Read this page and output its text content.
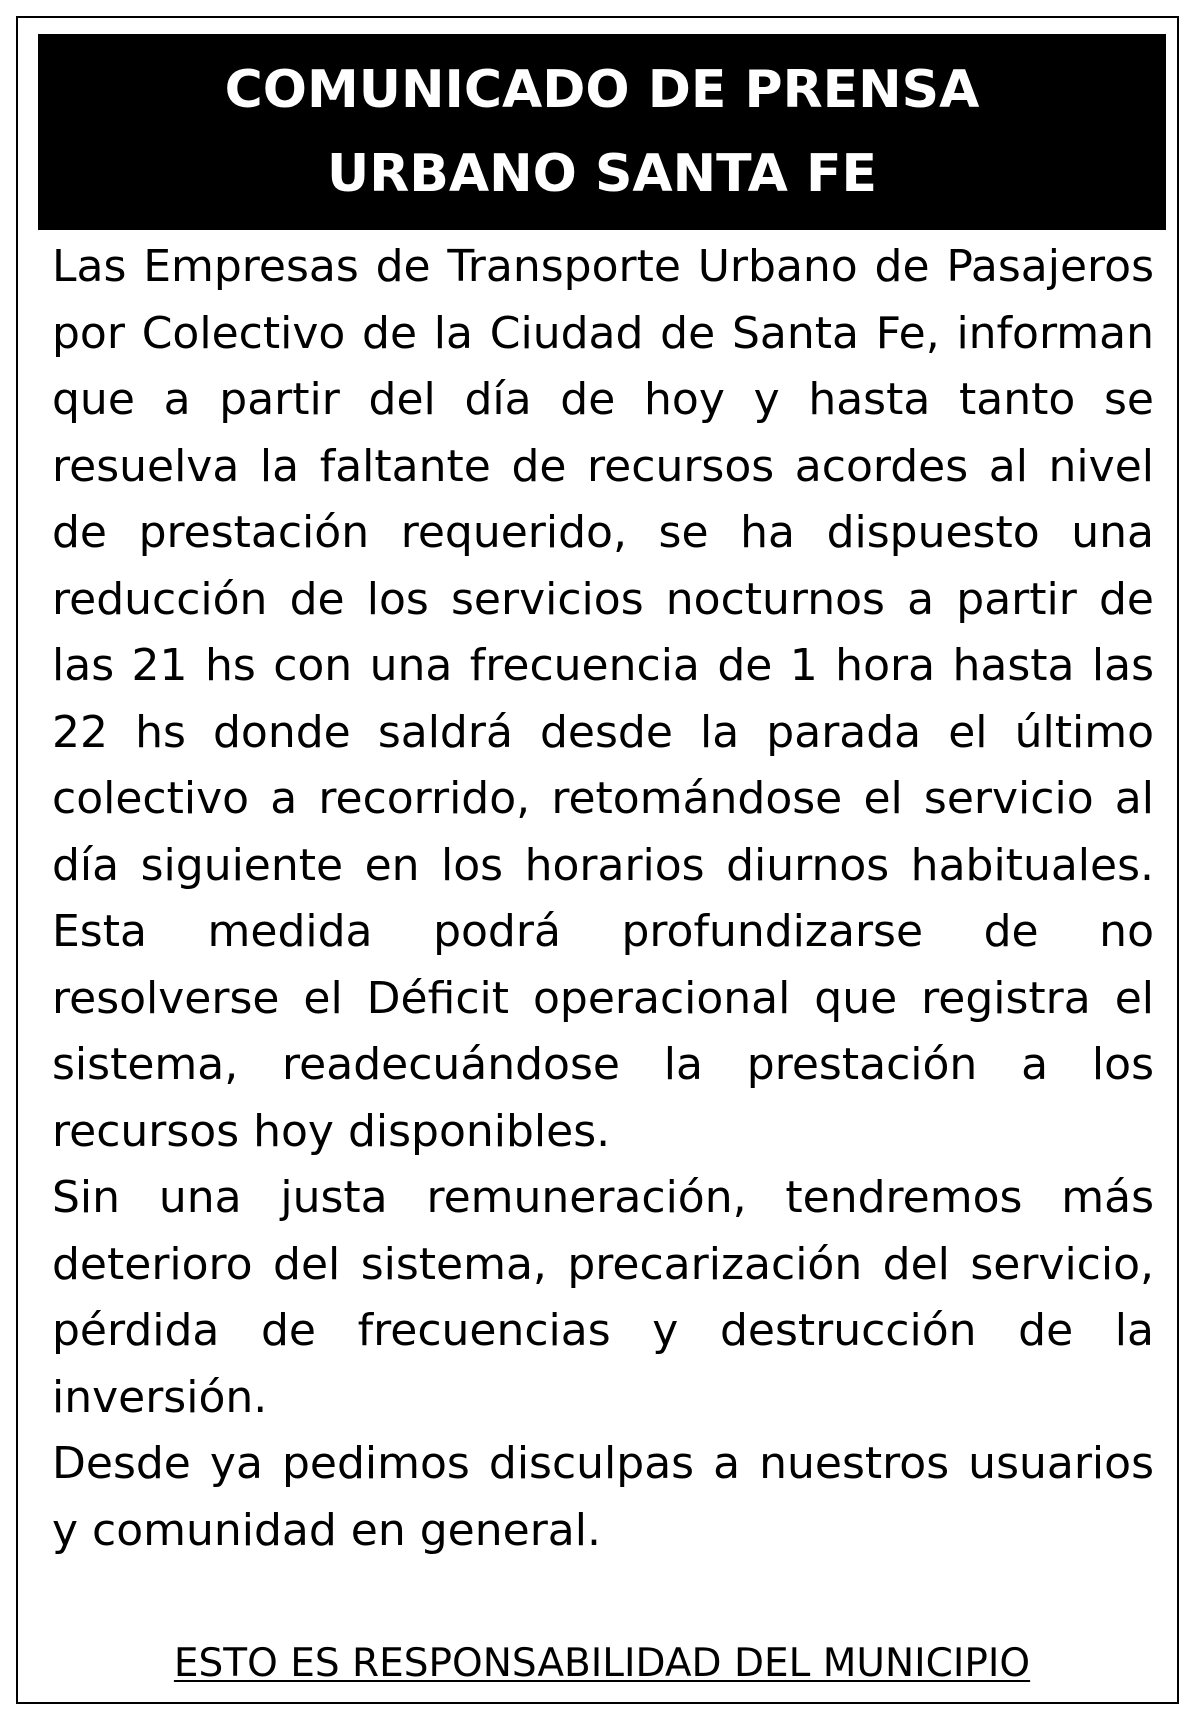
COMUNICADO DE PRENSA
URBANO SANTA FE

Las Empresas de Transporte Urbano de Pasajeros por Colectivo de la Ciudad de Santa Fe, informan que a partir del día de hoy y hasta tanto se resuelva la faltante de recursos acordes al nivel de prestación requerido, se ha dispuesto una reducción de los servicios nocturnos a partir de las 21 hs con una frecuencia de 1 hora hasta las 22 hs donde saldrá desde la parada el último colectivo a recorrido, retomándose el servicio al día siguiente en los horarios diurnos habituales. Esta medida podrá profundizarse de no resolverse el Déficit operacional que registra el sistema, readecuándose la prestación a los recursos hoy disponibles.

Sin una justa remuneración, tendremos más deterioro del sistema, precarización del servicio, pérdida de frecuencias y destrucción de la inversión.

Desde ya pedimos disculpas a nuestros usuarios y comunidad en general.

ESTO ES RESPONSABILIDAD DEL MUNICIPIO
